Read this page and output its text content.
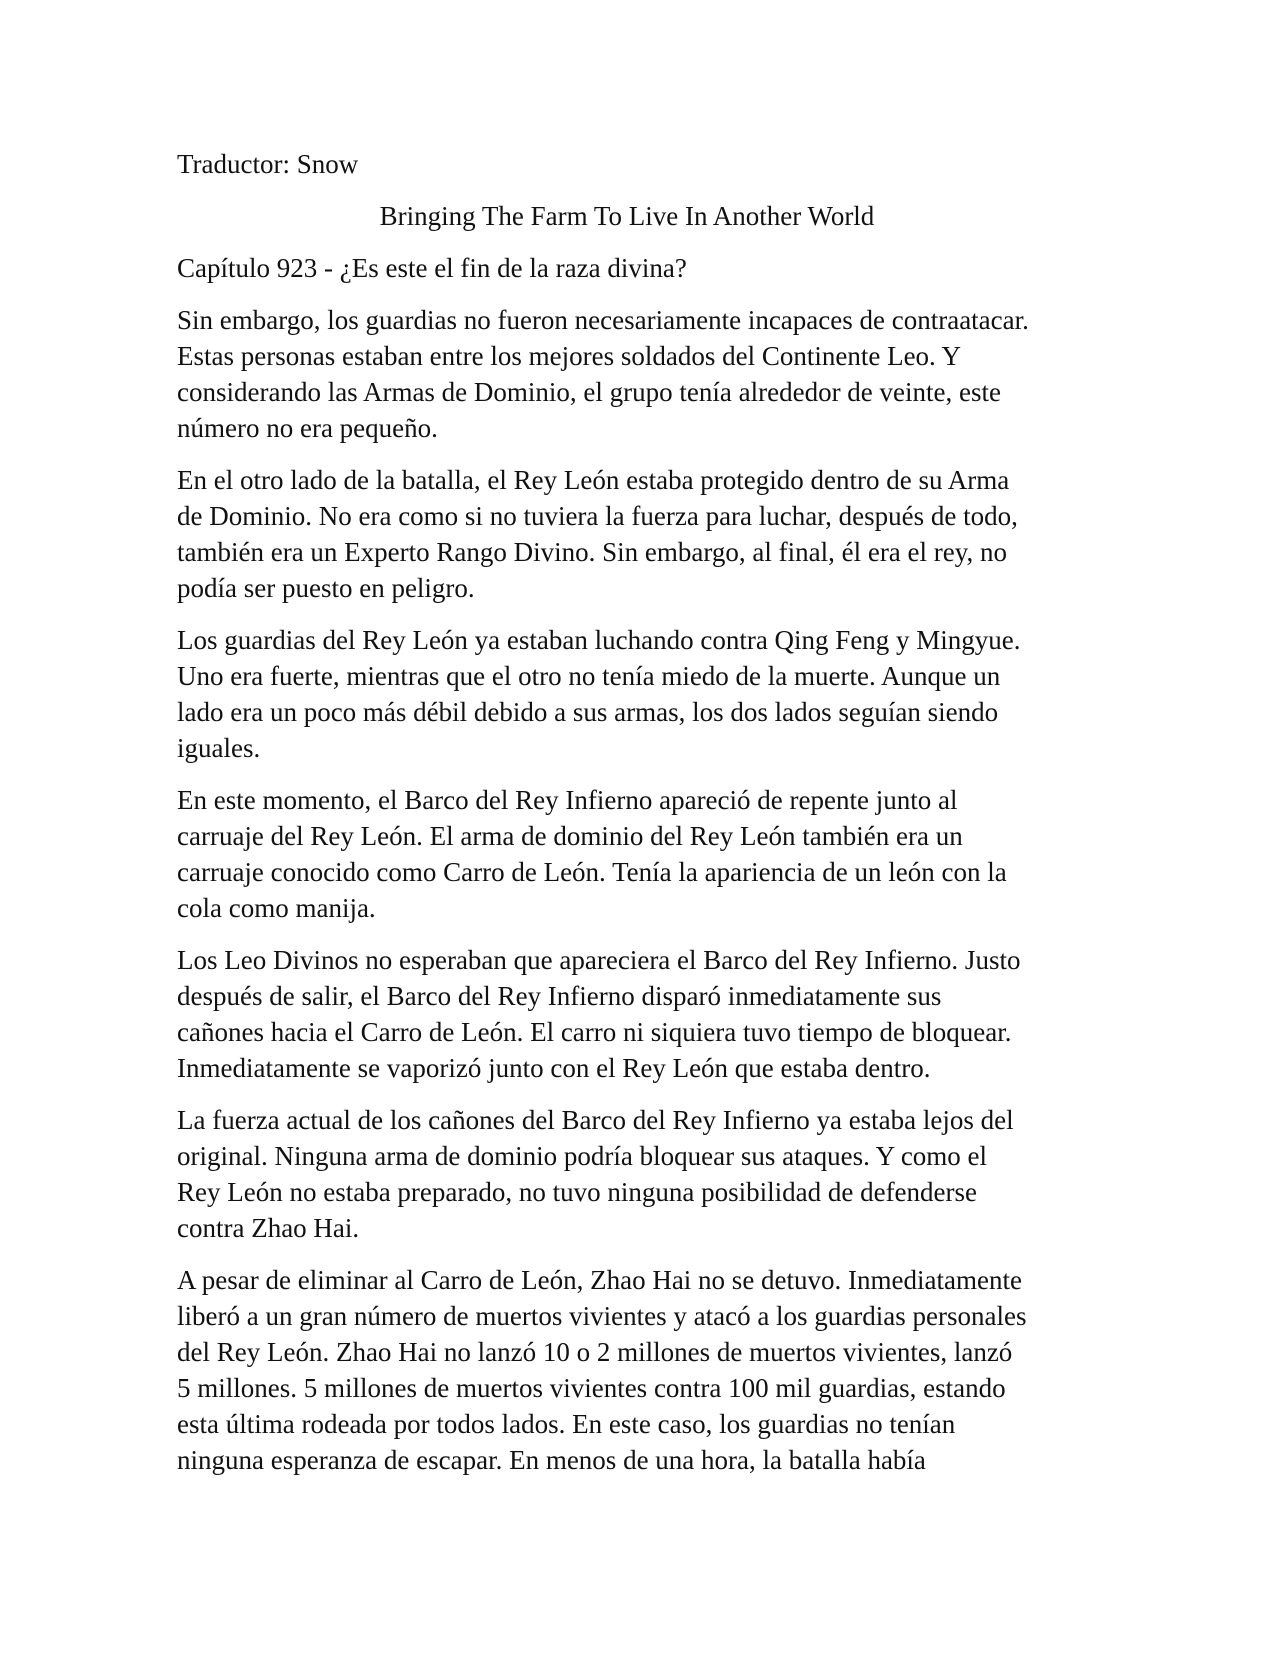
Traductor: Snow

Bringing The Farm To Live In Another World

Capítulo 923 - ¿Es este el fin de la raza divina?

Sin embargo, los guardias no fueron necesariamente incapaces de contraatacar.
Estas personas estaban entre los mejores soldados del Continente Leo. Y
considerando las Armas de Dominio, el grupo tenía alrededor de veinte, este
número no era pequeño.

En el otro lado de la batalla, el Rey León estaba protegido dentro de su Arma
de Dominio. No era como si no tuviera la fuerza para luchar, después de todo,
también era un Experto Rango Divino. Sin embargo, al final, él era el rey, no
podía ser puesto en peligro.

Los guardias del Rey León ya estaban luchando contra Qing Feng y Mingyue.
Uno era fuerte, mientras que el otro no tenía miedo de la muerte. Aunque un
lado era un poco más débil debido a sus armas, los dos lados seguían siendo
iguales.

En este momento, el Barco del Rey Infierno apareció de repente junto al
carruaje del Rey León. El arma de dominio del Rey León también era un
carruaje conocido como Carro de León. Tenía la apariencia de un león con la
cola como manija.

Los Leo Divinos no esperaban que apareciera el Barco del Rey Infierno. Justo
después de salir, el Barco del Rey Infierno disparó inmediatamente sus
cañones hacia el Carro de León. El carro ni siquiera tuvo tiempo de bloquear.
Inmediatamente se vaporizó junto con el Rey León que estaba dentro.

La fuerza actual de los cañones del Barco del Rey Infierno ya estaba lejos del
original. Ninguna arma de dominio podría bloquear sus ataques. Y como el
Rey León no estaba preparado, no tuvo ninguna posibilidad de defenderse
contra Zhao Hai.

A pesar de eliminar al Carro de León, Zhao Hai no se detuvo. Inmediatamente
liberó a un gran número de muertos vivientes y atacó a los guardias personales
del Rey León. Zhao Hai no lanzó 10 o 2 millones de muertos vivientes, lanzó
5 millones. 5 millones de muertos vivientes contra 100 mil guardias, estando
esta última rodeada por todos lados. En este caso, los guardias no tenían
ninguna esperanza de escapar. En menos de una hora, la batalla había
